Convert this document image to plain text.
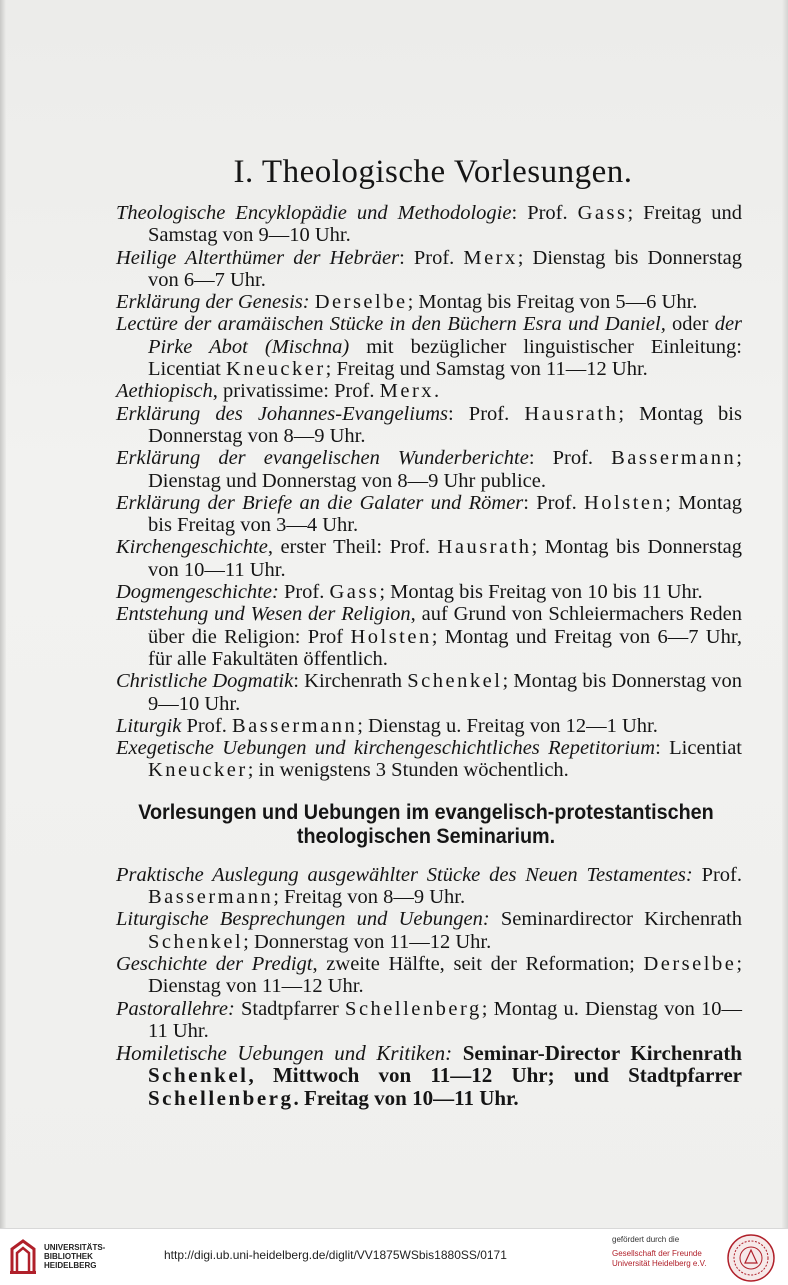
I. Theologische Vorlesungen.
Theologische Encyklopädie und Methodologie: Prof. Gass; Freitag und Samstag von 9—10 Uhr.
Heilige Alterthümer der Hebräer: Prof. Merx; Dienstag bis Donnerstag von 6—7 Uhr.
Erklärung der Genesis: Derselbe; Montag bis Freitag von 5—6 Uhr.
Lectüre der aramäischen Stücke in den Büchern Esra und Daniel, oder der Pirke Abot (Mischna) mit bezüglicher linguistischer Einleitung: Licentiat Kneucker; Freitag und Samstag von 11—12 Uhr.
Aethiopisch, privatissime: Prof. Merx.
Erklärung des Johannes-Evangeliums: Prof. Hausrath; Montag bis Donnerstag von 8—9 Uhr.
Erklärung der evangelischen Wunderberichte: Prof. Bassermann; Dienstag und Donnerstag von 8—9 Uhr publice.
Erklärung der Briefe an die Galater und Römer: Prof. Holsten; Montag bis Freitag von 3—4 Uhr.
Kirchengeschichte, erster Theil: Prof. Hausrath; Montag bis Donnerstag von 10—11 Uhr.
Dogmengeschichte: Prof. Gass; Montag bis Freitag von 10 bis 11 Uhr.
Entstehung und Wesen der Religion, auf Grund von Schleiermachers Reden über die Religion: Prof Holsten; Montag und Freitag von 6—7 Uhr, für alle Fakultäten öffentlich.
Christliche Dogmatik: Kirchenrath Schenkel; Montag bis Donnerstag von 9—10 Uhr.
Liturgik Prof. Bassermann; Dienstag u. Freitag von 12—1 Uhr.
Exegetische Uebungen und kirchengeschichtliches Repetitorium: Licentiat Kneucker; in wenigstens 3 Stunden wöchentlich.
Vorlesungen und Uebungen im evangelisch-protestantischen theologischen Seminarium.
Praktische Auslegung ausgewählter Stücke des Neuen Testamentes: Prof. Bassermann; Freitag von 8—9 Uhr.
Liturgische Besprechungen und Uebungen: Seminardirector Kirchenrath Schenkel; Donnerstag von 11—12 Uhr.
Geschichte der Predigt, zweite Hälfte, seit der Reformation; Derselbe; Dienstag von 11—12 Uhr.
Pastorallehre: Stadtpfarrer Schellenberg; Montag u. Dienstag von 10—11 Uhr.
Homiletische Uebungen und Kritiken: Seminar-Director Kirchenrath Schenkel, Mittwoch von 11—12 Uhr; und Stadtpfarrer Schellenberg. Freitag von 10—11 Uhr.
UNIVERSITÄTS-
BIBLIOTHEK
HEIDELBERG
http://digi.ub.uni-heidelberg.de/diglit/VV1875WSbis1880SS/0171
gefördert durch die
Gesellschaft der Freunde
Universität Heidelberg e.V.
